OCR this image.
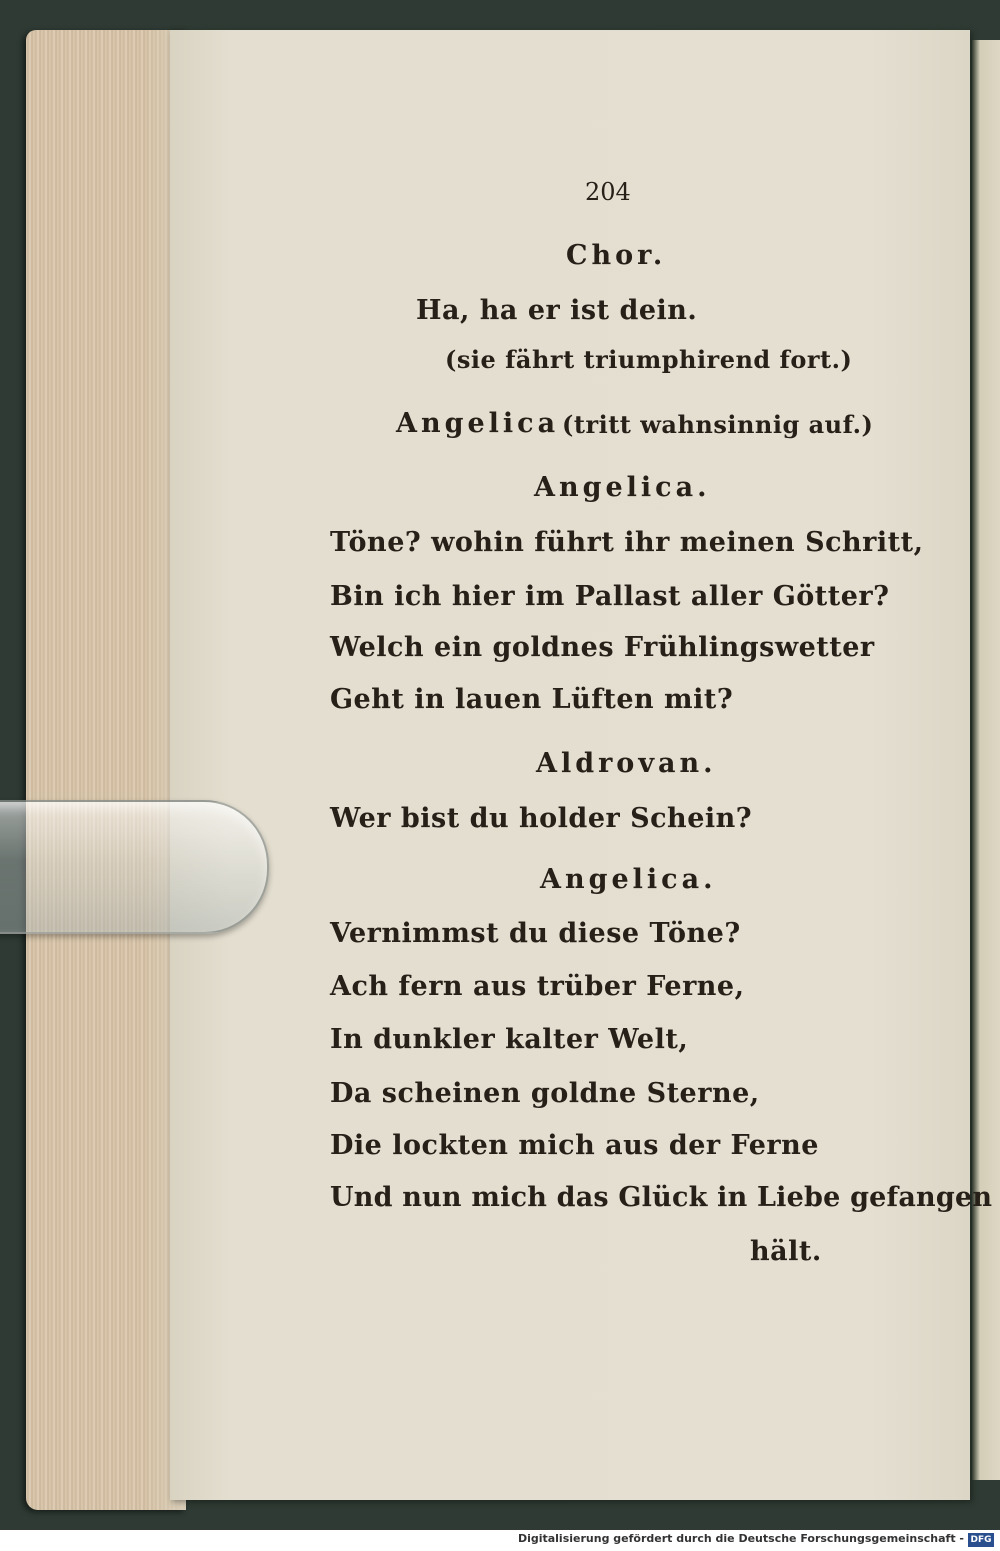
204
Chor.
Ha, ha er ist dein.
(sie fährt triumphirend fort.)
Angelica (tritt wahnsinnig auf.)
Angelica.
Töne? wohin führt ihr meinen Schritt,
Bin ich hier im Pallast aller Götter?
Welch ein goldnes Frühlingswetter
Geht in lauen Lüften mit?
Aldrovan.
Wer bist du holder Schein?
Angelica.
Vernimmst du diese Töne?
Ach fern aus trüber Ferne,
In dunkler kalter Welt,
Da scheinen goldne Sterne,
Die lockten mich aus der Ferne
Und nun mich das Glück in Liebe gefangen
hält.
Digitalisierung gefördert durch die Deutsche Forschungsgemeinschaft - DFG
